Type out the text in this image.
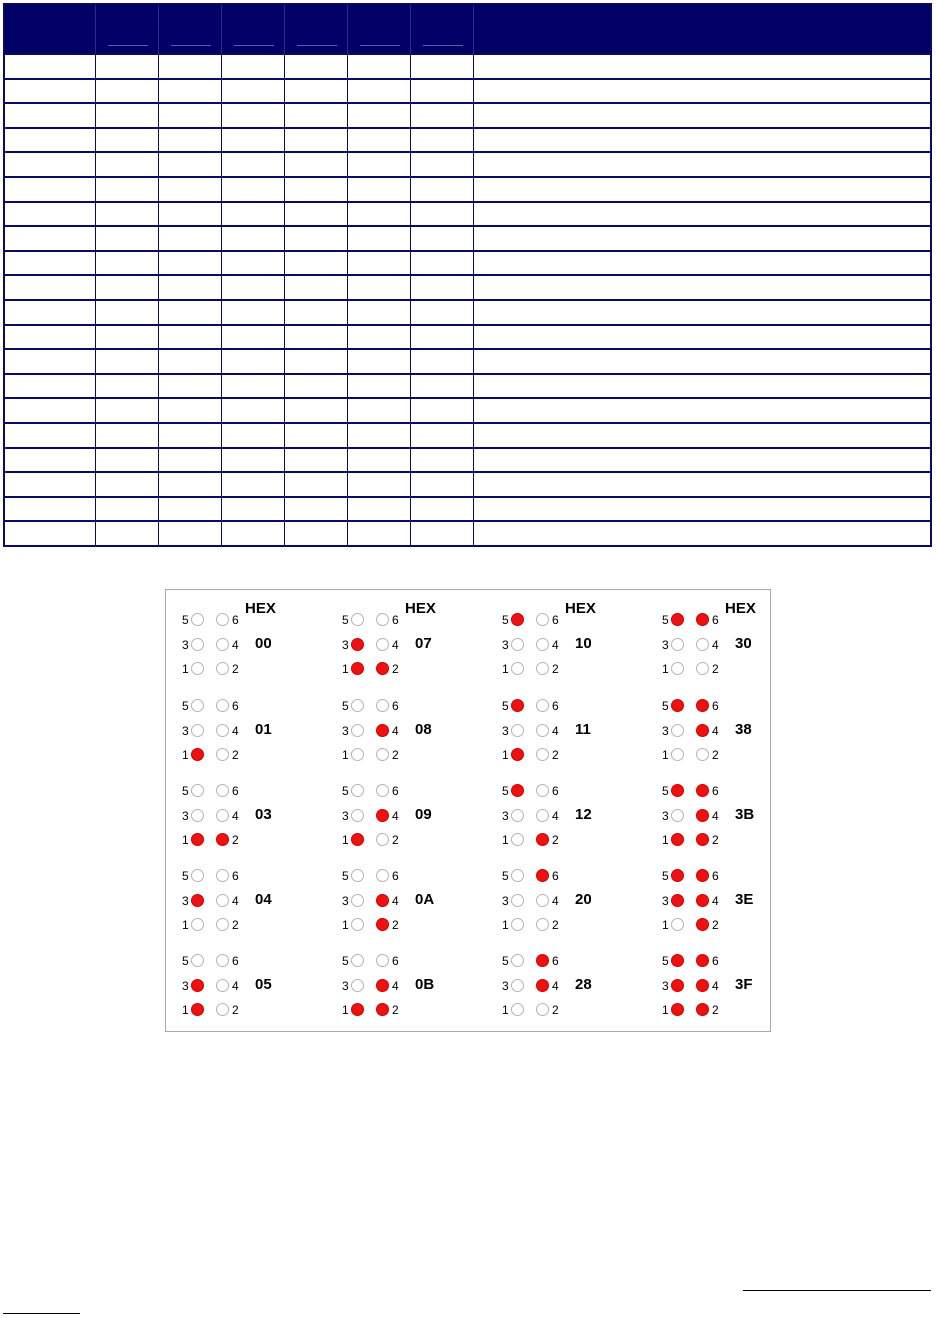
HEX
5	6
3	4 00
1	2
5	6
3	4 01
1	2
5	6
3	4 03
1	2
5	6
3	4 04
1	2
5	6
3	4 05
1	2
HEX
5	6
3	4 07
1	2
5	6
3	4 08
1	2
5	6
3	4 09
1	2
5	6
3	4 0A
1	2
5	6
3	4 0B
1	2
HEX
5	6
3	4 10
1	2
5	6
3	4 11
1	2
5	6
3	4 12
1	2
5	6
3	4 20
1	2
5	6
3	4 28
1	2
HEX
5	6
3	4 30
1	2
5	6
3	4 38
1	2
5	6
3	4 3B
1	2
5	6
3	4 3E
1	2
5	6
3	4 3F
1	2
